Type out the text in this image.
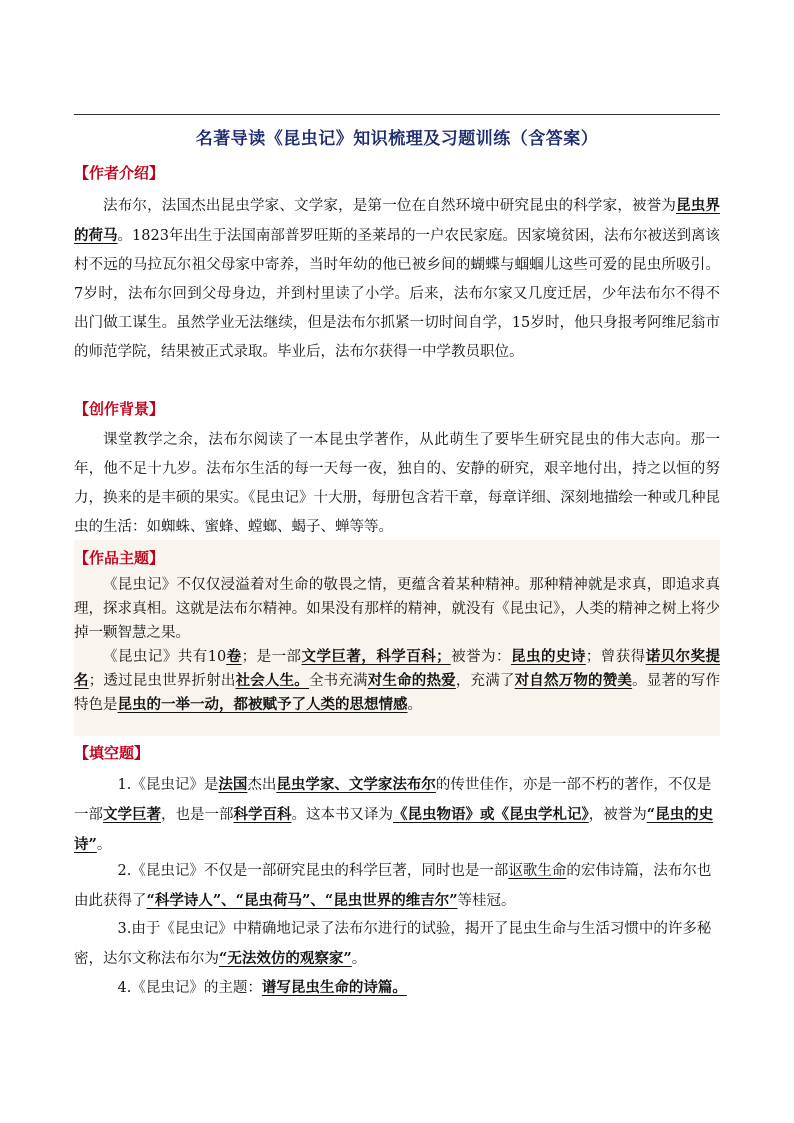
名著导读《昆虫记》知识梳理及习题训练（含答案）
【作者介绍】

法布尔，法国杰出昆虫学家、文学家，是第一位在自然环境中研究昆虫的科学家，被誉为昆虫界的荷马。1823年出生于法国南部普罗旺斯的圣莱昂的一户农民家庭。因家境贫困，法布尔被送到离该村不远的马拉瓦尔祖父母家中寄养，当时年幼的他已被乡间的蝴蝶与蝈蝈儿这些可爱的昆虫所吸引。7岁时，法布尔回到父母身边，并到村里读了小学。后来，法布尔家又几度迁居，少年法布尔不得不出门做工谋生。虽然学业无法继续，但是法布尔抓紧一切时间自学，15岁时，他只身报考阿维尼翁市的师范学院，结果被正式录取。毕业后，法布尔获得一中学教员职位。

【创作背景】

课堂教学之余，法布尔阅读了一本昆虫学著作，从此萌生了要毕生研究昆虫的伟大志向。那一年，他不足十九岁。法布尔生活的每一天每一夜，独自的、安静的研究，艰辛地付出，持之以恒的努力，换来的是丰硕的果实。《昆虫记》十大册，每册包含若干章，每章详细、深刻地描绘一种或几种昆虫的生活：如蜘蛛、蜜蜂、螳螂、蝎子、蝉等等。

【作品主题】

《昆虫记》不仅仅浸溢着对生命的敬畏之情，更蕴含着某种精神。那种精神就是求真，即追求真理，探求真相。这就是法布尔精神。如果没有那样的精神，就没有《昆虫记》，人类的精神之树上将少掉一颗智慧之果。

《昆虫记》共有10卷；是一部文学巨著，科学百科；被誉为：昆虫的史诗；曾获得诺贝尔奖提名；透过昆虫世界折射出社会人生。全书充满对生命的热爱，充满了对自然万物的赞美。显著的写作特色是昆虫的一举一动，都被赋予了人类的思想情感。

【填空题】

1.《昆虫记》是法国杰出昆虫学家、文学家法布尔的传世佳作，亦是一部不朽的著作，不仅是一部文学巨著，也是一部科学百科。这本书又译为《昆虫物语》或《昆虫学札记》，被誉为“昆虫的史诗”。

2.《昆虫记》不仅是一部研究昆虫的科学巨著，同时也是一部讴歌生命的宏伟诗篇，法布尔也由此获得了“科学诗人”、“昆虫荷马”、“昆虫世界的维吉尔”等桂冠。

3.由于《昆虫记》中精确地记录了法布尔进行的试验，揭开了昆虫生命与生活习惯中的许多秘密，达尔文称法布尔为“无法效仿的观察家”。

4.《昆虫记》的主题：谱写昆虫生命的诗篇。
